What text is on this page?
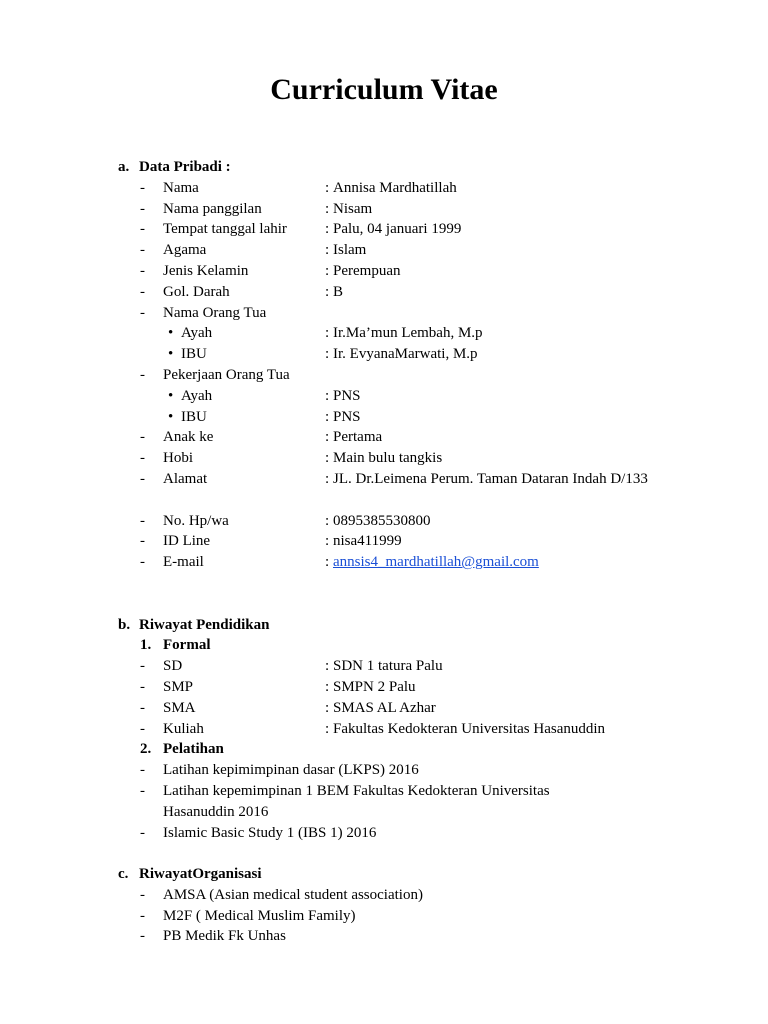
Curriculum Vitae
a. Data Pribadi :
- Nama	: Annisa Mardhatillah
- Nama panggilan	: Nisam
- Tempat tanggal lahir	: Palu, 04 januari 1999
- Agama	: Islam
- Jenis Kelamin	: Perempuan
- Gol. Darah	: B
- Nama Orang Tua
• Ayah	: Ir.Ma’mun Lembah, M.p
• IBU	: Ir. EvyanaMarwati, M.p
- Pekerjaan Orang Tua
• Ayah	: PNS
• IBU	: PNS
- Anak ke	: Pertama
- Hobi	: Main bulu tangkis
- Alamat	: JL. Dr.Leimena Perum. Taman Dataran Indah D/133
- No. Hp/wa	: 0895385530800
- ID Line	: nisa411999
- E-mail	: annsis4_mardhatillah@gmail.com
b. Riwayat Pendidikan
1. Formal
- SD	: SDN 1 tatura Palu
- SMP	: SMPN 2 Palu
- SMA	: SMAS AL Azhar
- Kuliah	: Fakultas Kedokteran Universitas Hasanuddin
2. Pelatihan
- Latihan kepimimpinan dasar (LKPS) 2016
- Latihan kepemimpinan 1 BEM Fakultas Kedokteran Universitas Hasanuddin 2016
- Islamic Basic Study 1 (IBS 1) 2016
c. RiwayatOrganisasi
- AMSA (Asian medical student association)
- M2F ( Medical Muslim Family)
- PB Medik Fk Unhas
